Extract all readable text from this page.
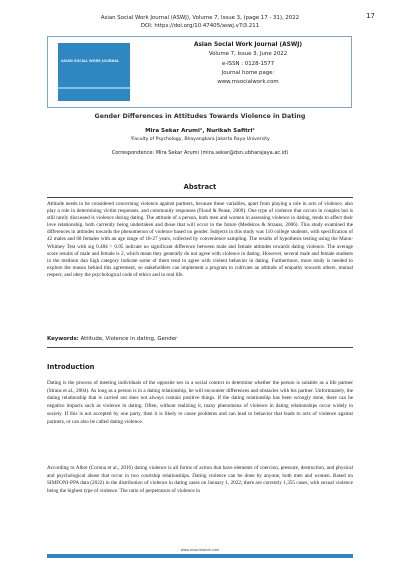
17
Asian Social Work Journal (ASWJ), Volume 7, Issue 3, (page 17 - 31), 2022
DOI: https://doi.org/10.47405/aswj.v7i3.211
ASIAN SOCIAL WORK JOURNAL
Asian Social Work Journal (ASWJ)
Volume 7, Issue 3, June 2022
e-ISSN : 0128-1577
Journal home page:
www.msocialwork.com
Gender Differences in Attitudes Towards Violence in Dating
Mira Sekar Arumi¹, Nurikah Safitri¹
¹Faculty of Psychology, Bhayangkara Jakarta Raya University
Correspondence: Mira Sekar Arumi (mira.sekar@dsn.ubharajaya.ac.id)
Abstract

Attitude needs to be considered concerning violence against partners, because these variables, apart from playing a role in acts of violence, also play a role in determining victim responses, and community responses (Flood & Pease, 2009). One type of violence that occurs in couples but is still rarely discussed is violence during dating. The attitude of a person, both men and women in assessing violence in dating, tends to affect their love relationship, both currently being undertaken and those that will occur in the future (Medeiros & Strauss, 2006). This study examined the differences in attitudes towards the phenomenon of violence based on gender. Subjects in this study was 110 college students, with specification of 42 males and 68 females with an age range of 18-27 years, collected by convenience sampling. The results of hypothesis testing using the Mann-Whitney Test with sig 0.484 > 0.05 indicate no significant difference between male and female attitudes towards dating violence. The average score results of male and female is 2, which mean they generally do not agree with violence in dating. However, several male and female students in the medium dan high category indicate some of them tend to agree with violent behavior in dating. Furthermore, more study is needed to explore the reason behind this agreement, so stakeholders can implement a program to cultivate an attitude of empathy towards others, mutual respect, and obey the psychological code of ethics and in real life.

Keywords: Attitude, Violence in dating, Gender

Introduction

Dating is the process of meeting individuals of the opposite sex in a social context to determine whether the person is suitable as a life partner (Straus et al., 2004). As long as a person is in a dating relationship, he will encounter differences and obstacles with his partner. Unfortunately, the dating relationship that is carried out does not always contain positive things. If the dating relationship has been wrongly done, there can be negative impacts such as violence in dating. Often, without realizing it, many phenomena of violence in dating relationships occur widely in society. If this is not accepted by one party, then it is likely to cause problems and can lead to behavior that leads to acts of violence against partners, or can also be called dating violence.

According to Albot (Corona et al., 2016) dating violence is all forms of action that have elements of coercion, pressure, destruction, and physical and psychological abuse that occur in two courtship relationships. Dating violence can be done by anyone, both men and women. Based on SIMFONI-PPA data (2022) in the distribution of violence in dating cases on January 1, 2022, there are currently 1,355 cases, with sexual violence being the highest type of violence. The ratio of perpetrators of violence in

www.msocialwork.com
